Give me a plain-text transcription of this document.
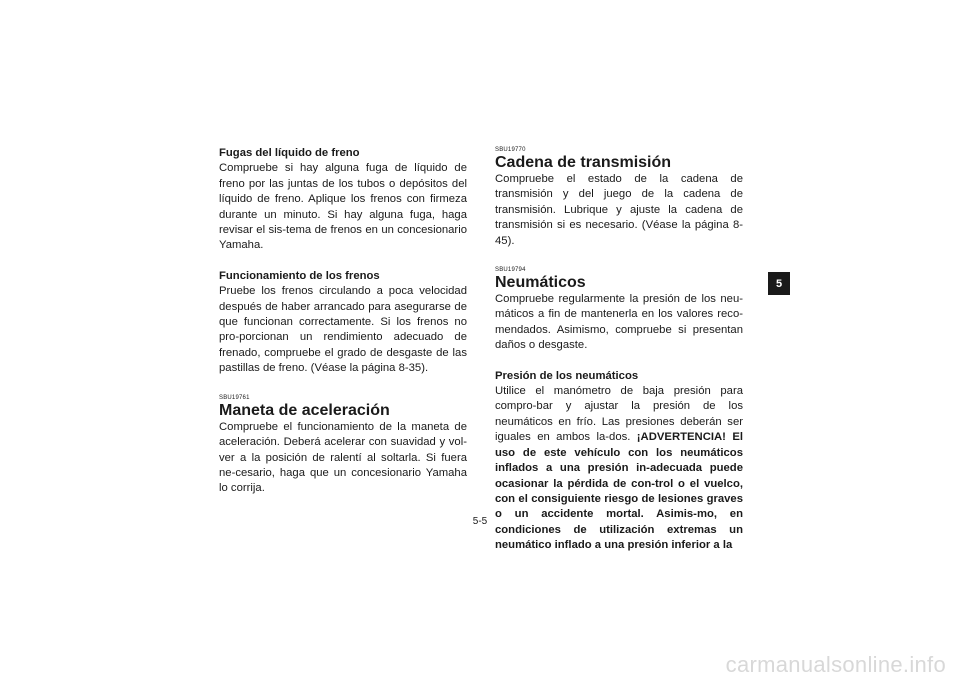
Fugas del líquido de freno

Compruebe si hay alguna fuga de líquido de freno por las juntas de los tubos o depósitos del líquido de freno. Aplique los frenos con firmeza durante un minuto. Si hay alguna fuga, haga revisar el sis-tema de frenos en un concesionario Yamaha.

Funcionamiento de los frenos

Pruebe los frenos circulando a poca velocidad después de haber arrancado para asegurarse de que funcionan correctamente. Si los frenos no pro-porcionan un rendimiento adecuado de frenado, compruebe el grado de desgaste de las pastillas de freno. (Véase la página 8-35).

SBU19761
Maneta de aceleración

Compruebe el funcionamiento de la maneta de aceleración. Deberá acelerar con suavidad y vol-ver a la posición de ralentí al soltarla. Si fuera ne-cesario, haga que un concesionario Yamaha lo corrija.

SBU19770
Cadena de transmisión

Compruebe el estado de la cadena de transmisión y del juego de la cadena de transmisión. Lubrique y ajuste la cadena de transmisión si es necesario. (Véase la página 8-45).

SBU19794
Neumáticos

Compruebe regularmente la presión de los neu-máticos a fin de mantenerla en los valores reco-mendados. Asimismo, compruebe si presentan daños o desgaste.

Presión de los neumáticos

Utilice el manómetro de baja presión para compro-bar y ajustar la presión de los neumáticos en frío. Las presiones deberán ser iguales en ambos la-dos. ¡ADVERTENCIA! El uso de este vehículo con los neumáticos inflados a una presión in-adecuada puede ocasionar la pérdida de con-trol o el vuelco, con el consiguiente riesgo de lesiones graves o un accidente mortal. Asimis-mo, en condiciones de utilización extremas un neumático inflado a una presión inferior a la

5
5-5
carmanualsonline.info
